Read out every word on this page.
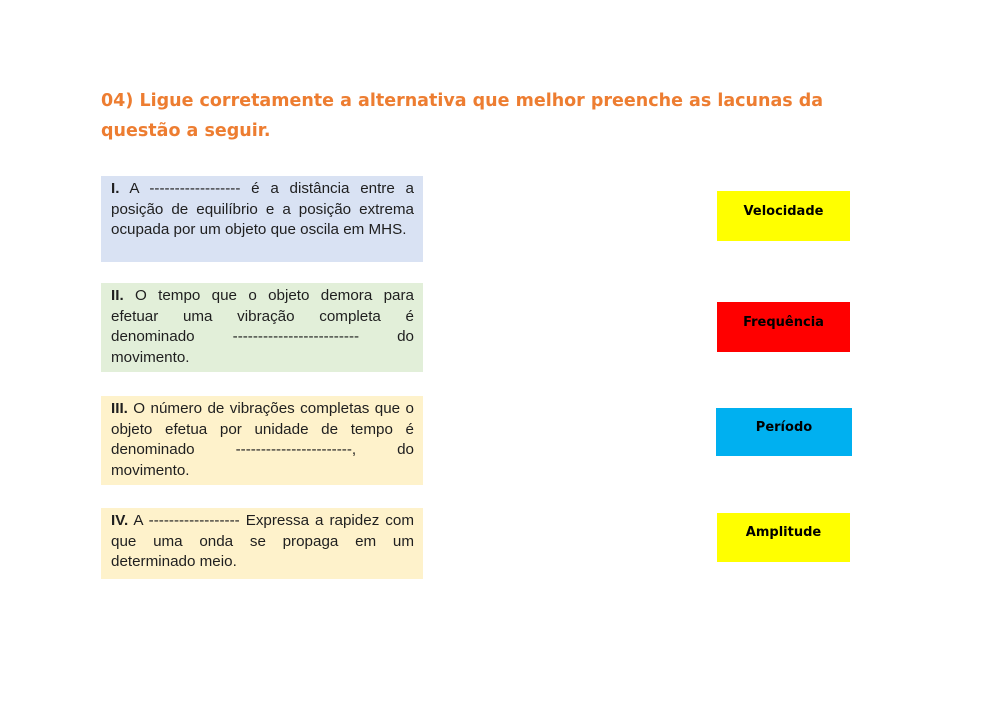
04) Ligue corretamente a alternativa que melhor preenche as lacunas da questão a seguir.
I. A ------------------ é a distância entre a posição de equilíbrio e a posição extrema ocupada por um objeto que oscila em MHS.
II. O tempo que o objeto demora para efetuar uma vibração completa é denominado ------------------------- do movimento.
III. O número de vibrações completas que o objeto efetua por unidade de tempo é denominado -----------------------, do movimento.
IV. A ------------------ Expressa a rapidez com que uma onda se propaga em um determinado meio.
Velocidade
Frequência
Período
Amplitude
